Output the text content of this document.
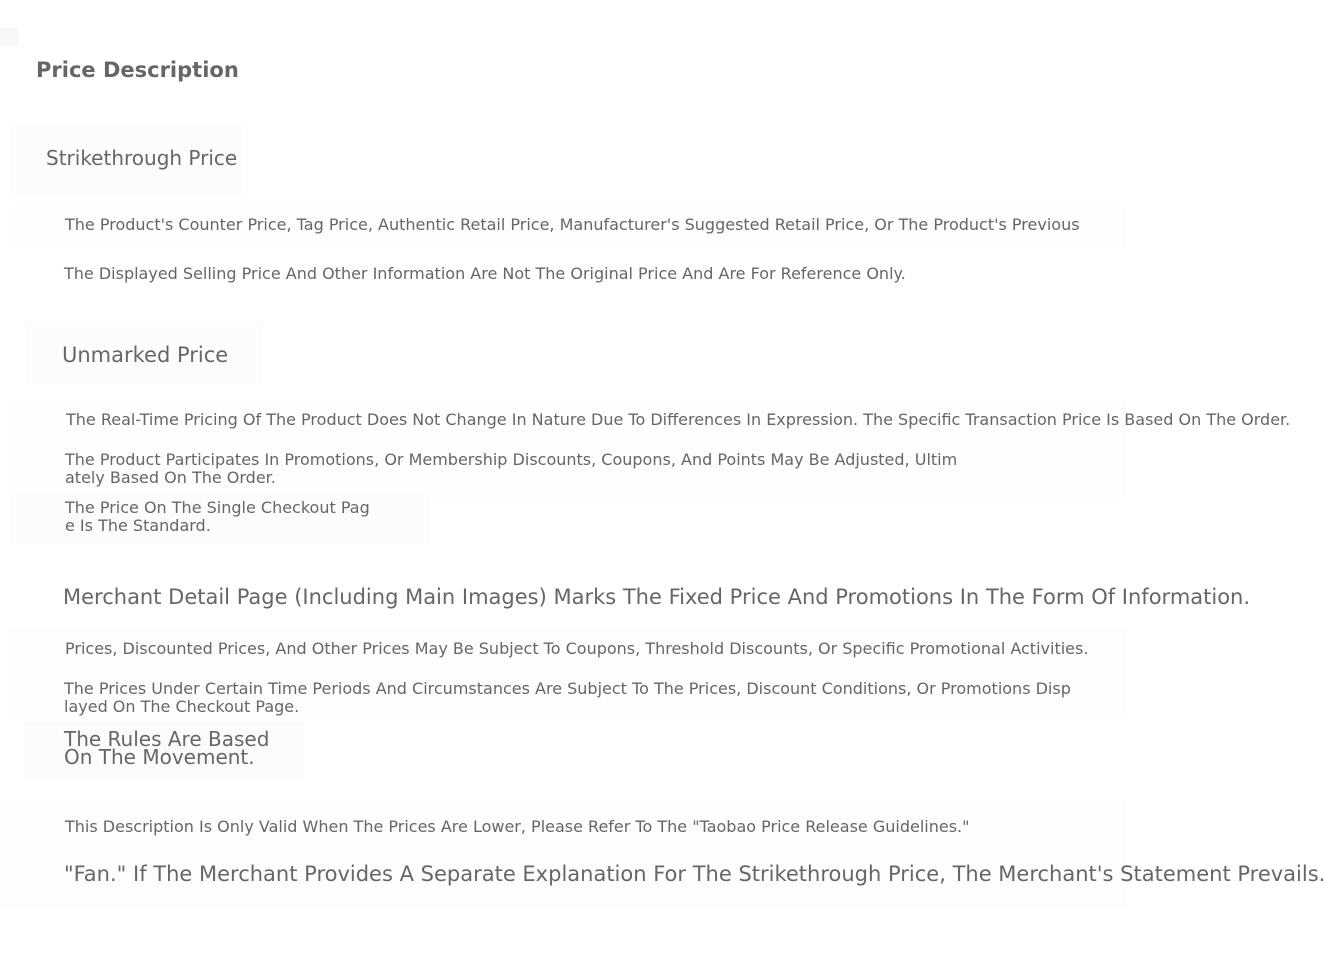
Price Description
Strikethrough Price
The Product's Counter Price, Tag Price, Authentic Retail Price, Manufacturer's Suggested Retail Price, Or The Product's Previous
The Displayed Selling Price And Other Information Are Not The Original Price And Are For Reference Only.
Unmarked Price
The Real-Time Pricing Of The Product Does Not Change In Nature Due To Differences In Expression. The Specific Transaction Price Is Based On The Order.
The Product Participates In Promotions, Or Membership Discounts, Coupons, And Points May Be Adjusted, Ultim
ately Based On The Order.
The Price On The Single Checkout Pag
e Is The Standard.
Merchant Detail Page (Including Main Images) Marks The Fixed Price And Promotions In The Form Of Information.
Prices, Discounted Prices, And Other Prices May Be Subject To Coupons, Threshold Discounts, Or Specific Promotional Activities.
The Prices Under Certain Time Periods And Circumstances Are Subject To The Prices, Discount Conditions, Or Promotions Disp
layed On The Checkout Page.
The Rules Are Based
On The Movement.
This Description Is Only Valid When The Prices Are Lower, Please Refer To The "Taobao Price Release Guidelines."
"Fan." If The Merchant Provides A Separate Explanation For The Strikethrough Price, The Merchant's Statement Prevails.
